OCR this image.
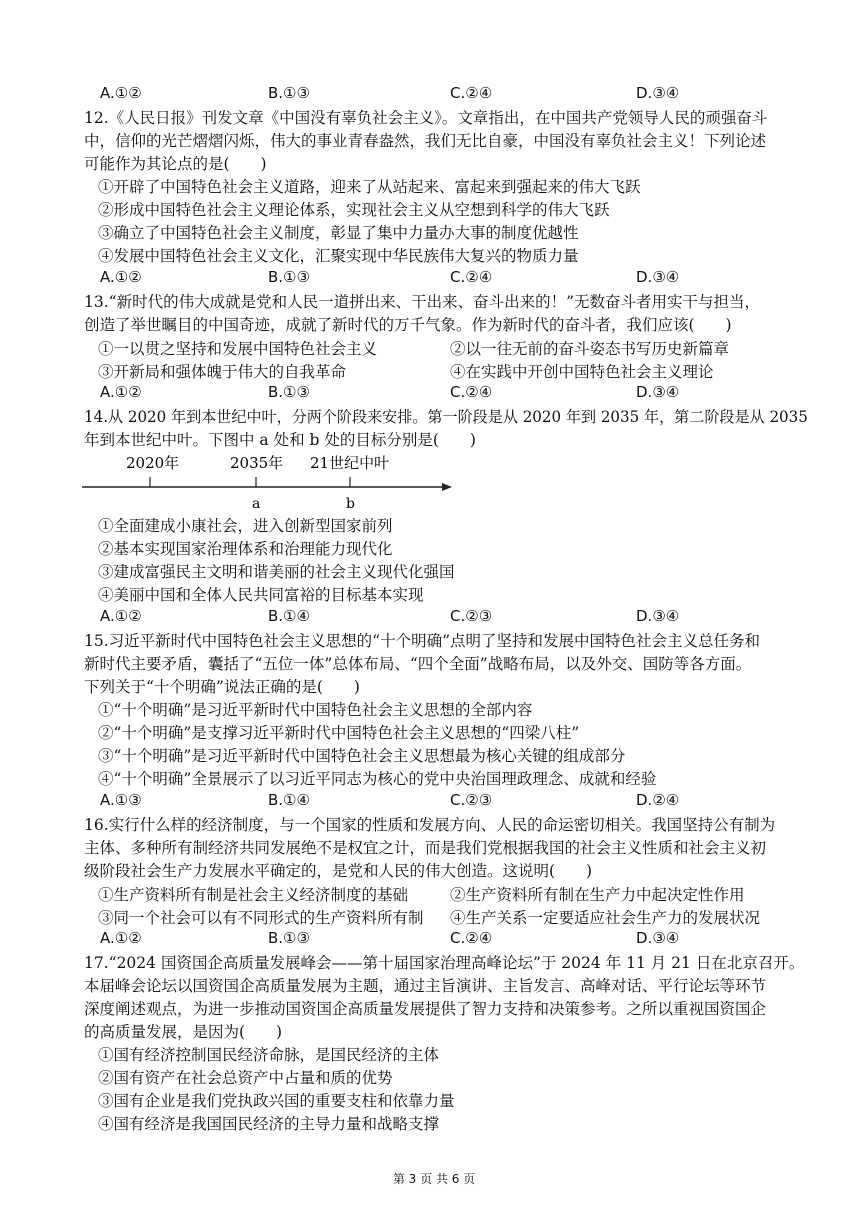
A.①②	B.①③	C.②④	D.③④
12.《人民日报》刊发文章《中国没有辜负社会主义》。文章指出，在中国共产党领导人民的顽强奋斗
中，信仰的光芒熠熠闪烁，伟大的事业青春盎然，我们无比自豪，中国没有辜负社会主义！下列论述
可能作为其论点的是(　　)
①开辟了中国特色社会主义道路，迎来了从站起来、富起来到强起来的伟大飞跃
②形成中国特色社会主义理论体系，实现社会主义从空想到科学的伟大飞跃
③确立了中国特色社会主义制度，彰显了集中力量办大事的制度优越性
④发展中国特色社会主义文化，汇聚实现中华民族伟大复兴的物质力量
A.①②	B.①③	C.②④	D.③④
13.“新时代的伟大成就是党和人民一道拼出来、干出来、奋斗出来的！”无数奋斗者用实干与担当，
创造了举世瞩目的中国奇迹，成就了新时代的万千气象。作为新时代的奋斗者，我们应该(　　)
①一以贯之坚持和发展中国特色社会主义	②以一往无前的奋斗姿态书写历史新篇章
③开新局和强体魄于伟大的自我革命	④在实践中开创中国特色社会主义理论
A.①②	B.①③	C.②④	D.③④
14.从 2020 年到本世纪中叶，分两个阶段来安排。第一阶段是从 2020 年到 2035 年，第二阶段是从 2035
年到本世纪中叶。下图中 a 处和 b 处的目标分别是(　　)
2020年	2035年 21世纪中叶
a	b
①全面建成小康社会，进入创新型国家前列
②基本实现国家治理体系和治理能力现代化
③建成富强民主文明和谐美丽的社会主义现代化强国
④美丽中国和全体人民共同富裕的目标基本实现
A.①②	B.①④	C.②③	D.③④
15.习近平新时代中国特色社会主义思想的“十个明确”点明了坚持和发展中国特色社会主义总任务和
新时代主要矛盾，囊括了“五位一体”总体布局、“四个全面”战略布局，以及外交、国防等各方面。
下列关于“十个明确”说法正确的是(　　)
①“十个明确”是习近平新时代中国特色社会主义思想的全部内容
②“十个明确”是支撑习近平新时代中国特色社会主义思想的“四梁八柱”
③“十个明确”是习近平新时代中国特色社会主义思想最为核心关键的组成部分
④“十个明确”全景展示了以习近平同志为核心的党中央治国理政理念、成就和经验
A.①③	B.①④	C.②③	D.②④
16.实行什么样的经济制度，与一个国家的性质和发展方向、人民的命运密切相关。我国坚持公有制为
主体、多种所有制经济共同发展绝不是权宜之计，而是我们党根据我国的社会主义性质和社会主义初
级阶段社会生产力发展水平确定的，是党和人民的伟大创造。这说明(　　)
①生产资料所有制是社会主义经济制度的基础	②生产资料所有制在生产力中起决定性作用
③同一个社会可以有不同形式的生产资料所有制 ④生产关系一定要适应社会生产力的发展状况
A.①②	B.①③	C.②④	D.③④
17.“2024 国资国企高质量发展峰会——第十届国家治理高峰论坛”于 2024 年 11 月 21 日在北京召开。
本届峰会论坛以国资国企高质量发展为主题，通过主旨演讲、主旨发言、高峰对话、平行论坛等环节
深度阐述观点，为进一步推动国资国企高质量发展提供了智力支持和决策参考。之所以重视国资国企
的高质量发展，是因为(　　)
①国有经济控制国民经济命脉，是国民经济的主体
②国有资产在社会总资产中占量和质的优势
③国有企业是我们党执政兴国的重要支柱和依靠力量
④国有经济是我国国民经济的主导力量和战略支撑
第 3 页 共 6 页
